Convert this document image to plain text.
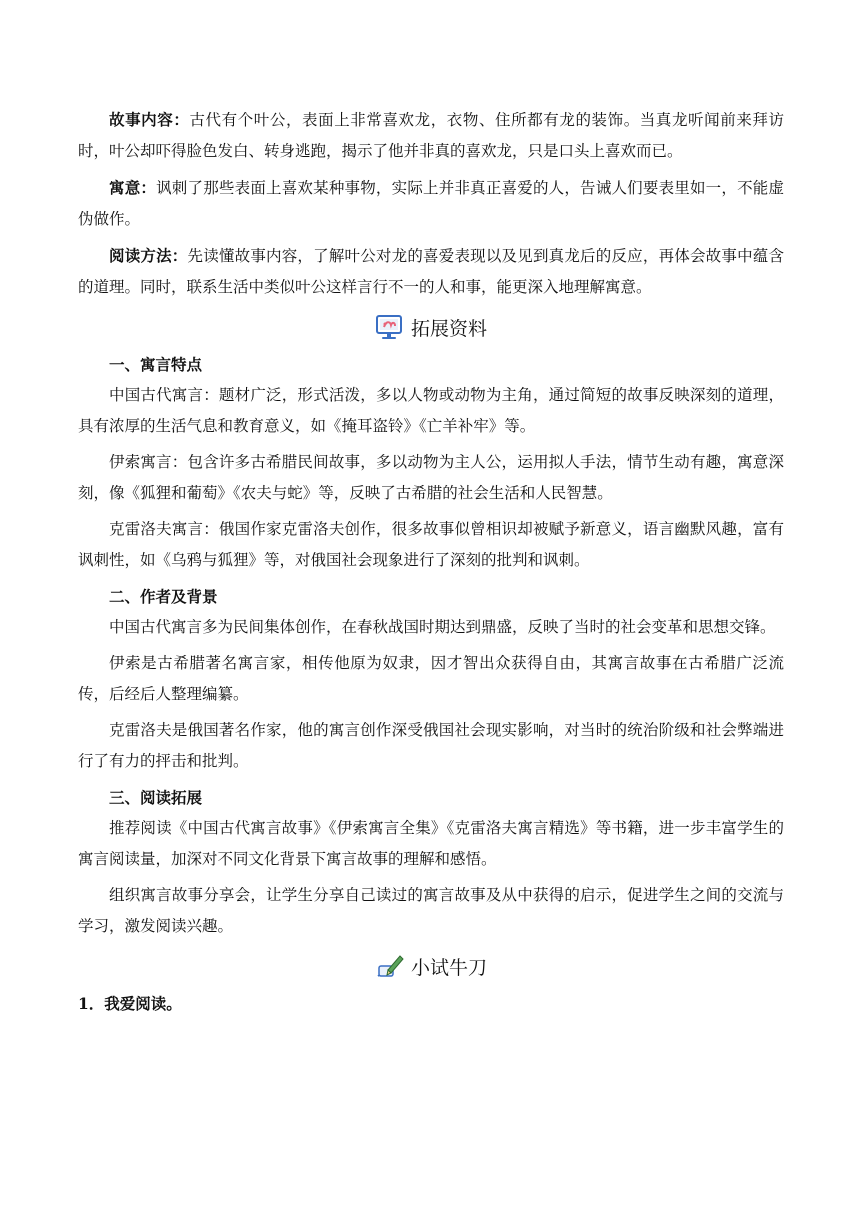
故事内容：古代有个叶公，表面上非常喜欢龙，衣物、住所都有龙的装饰。当真龙听闻前来拜访时，叶公却吓得脸色发白、转身逃跑，揭示了他并非真的喜欢龙，只是口头上喜欢而已。

寓意：讽刺了那些表面上喜欢某种事物，实际上并非真正喜爱的人，告诫人们要表里如一，不能虚伪做作。

阅读方法：先读懂故事内容，了解叶公对龙的喜爱表现以及见到真龙后的反应，再体会故事中蕴含的道理。同时，联系生活中类似叶公这样言行不一的人和事，能更深入地理解寓意。

拓展资料

一、寓言特点

中国古代寓言：题材广泛，形式活泼，多以人物或动物为主角，通过简短的故事反映深刻的道理，具有浓厚的生活气息和教育意义，如《掩耳盗铃》《亡羊补牢》等。

伊索寓言：包含许多古希腊民间故事，多以动物为主人公，运用拟人手法，情节生动有趣，寓意深刻，像《狐狸和葡萄》《农夫与蛇》等，反映了古希腊的社会生活和人民智慧。

克雷洛夫寓言：俄国作家克雷洛夫创作，很多故事似曾相识却被赋予新意义，语言幽默风趣，富有讽刺性，如《乌鸦与狐狸》等，对俄国社会现象进行了深刻的批判和讽刺。

二、作者及背景

中国古代寓言多为民间集体创作，在春秋战国时期达到鼎盛，反映了当时的社会变革和思想交锋。

伊索是古希腊著名寓言家，相传他原为奴隶，因才智出众获得自由，其寓言故事在古希腊广泛流传，后经后人整理编纂。

克雷洛夫是俄国著名作家，他的寓言创作深受俄国社会现实影响，对当时的统治阶级和社会弊端进行了有力的抨击和批判。

三、阅读拓展

推荐阅读《中国古代寓言故事》《伊索寓言全集》《克雷洛夫寓言精选》等书籍，进一步丰富学生的寓言阅读量，加深对不同文化背景下寓言故事的理解和感悟。

组织寓言故事分享会，让学生分享自己读过的寓言故事及从中获得的启示，促进学生之间的交流与学习，激发阅读兴趣。

小试牛刀

1．我爱阅读。
